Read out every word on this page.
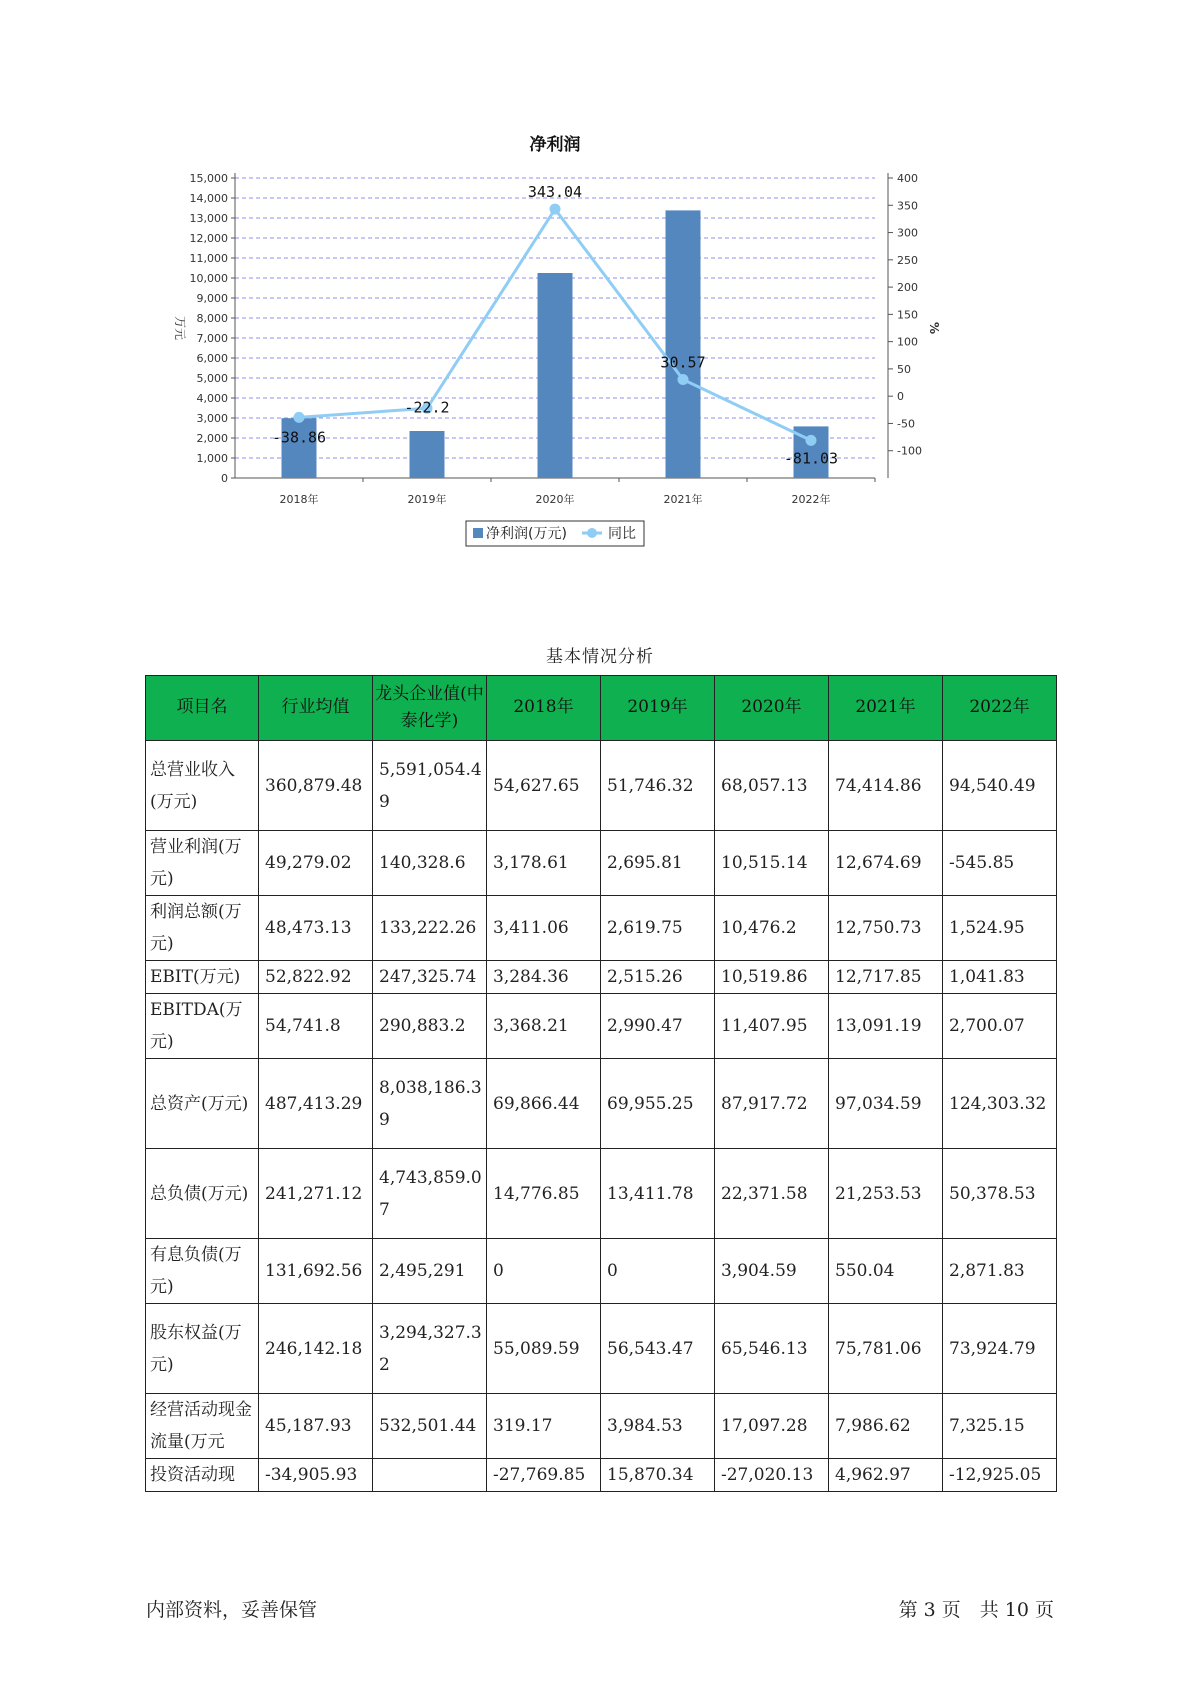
净利润
0
1,000
2,000
3,000
4,000
5,000
6,000
7,000
8,000
9,000
10,000
11,000
12,000
13,000
14,000
15,000	400
350
300
250
200
150
100
50
0
-50
-100
万元	%
2018年	2019年	2020年	2021年	2022年
-38.86
-22.2
343.04
30.57
-81.03
净利润(万元)	同比
基本情况分析
项目名	行业均值	龙头企业值(中泰化学)	2018年	2019年	2020年	2021年	2022年
总营业收入(万元)	360,879.48	5,591,054.49	54,627.65	51,746.32	68,057.13	74,414.86	94,540.49
营业利润(万元)	49,279.02	140,328.6	3,178.61	2,695.81	10,515.14	12,674.69	-545.85
利润总额(万元)	48,473.13	133,222.26	3,411.06	2,619.75	10,476.2	12,750.73	1,524.95
EBIT(万元)	52,822.92	247,325.74	3,284.36	2,515.26	10,519.86	12,717.85	1,041.83
EBITDA(万元)	54,741.8	290,883.2	3,368.21	2,990.47	11,407.95	13,091.19	2,700.07
总资产(万元)	487,413.29	8,038,186.39	69,866.44	69,955.25	87,917.72	97,034.59	124,303.32
总负债(万元)	241,271.12	4,743,859.07	14,776.85	13,411.78	22,371.58	21,253.53	50,378.53
有息负债(万元)	131,692.56	2,495,291	0	0	3,904.59	550.04	2,871.83
股东权益(万元)	246,142.18	3,294,327.32	55,089.59	56,543.47	65,546.13	75,781.06	73,924.79
经营活动现金流量(万元	45,187.93	532,501.44	319.17	3,984.53	17,097.28	7,986.62	7,325.15
投资活动现	-34,905.93		-27,769.85	15,870.34	-27,020.13	4,962.97	-12,925.05
内部资料，妥善保管	第 3 页　共 10 页
